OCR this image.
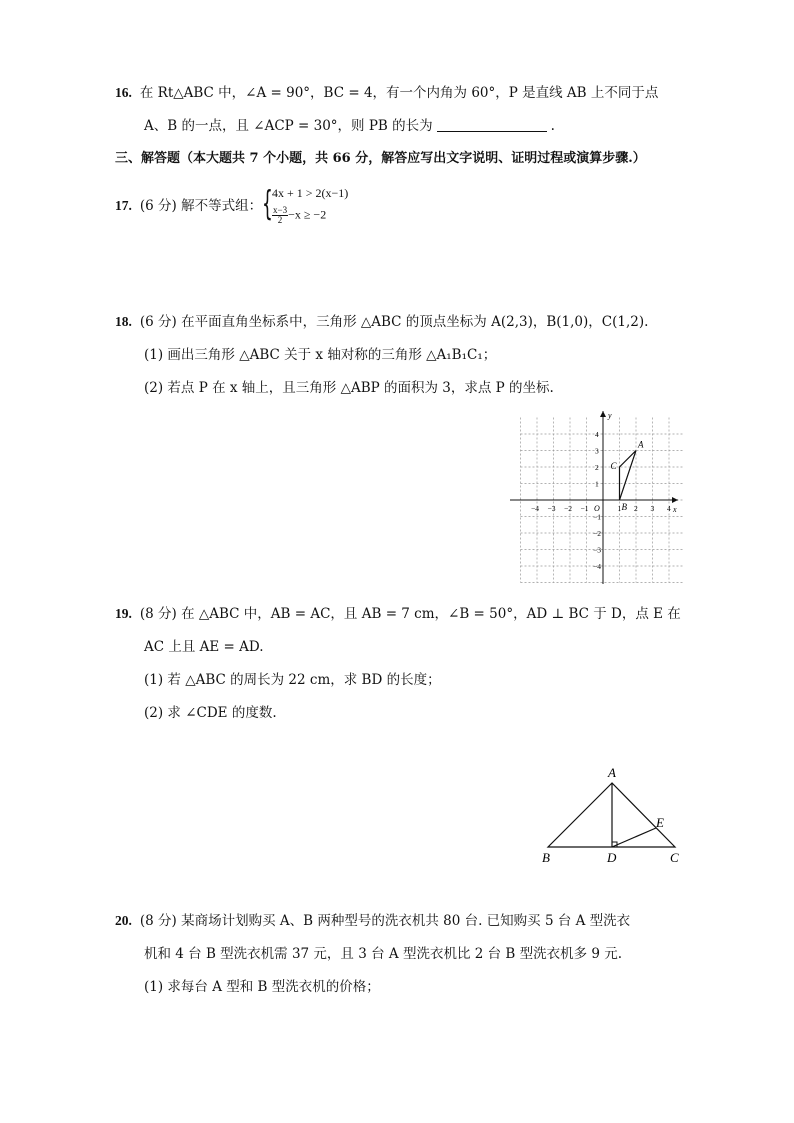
16. 在 Rt△ABC 中，∠A = 90°，BC = 4，有一个内角为 60°，P 是直线 AB 上不同于点
A、B 的一点，且 ∠ACP = 30°，则 PB 的长为	.
三、解答题（本大题共 7 个小题，共 66 分，解答应写出文字说明、证明过程或演算步骤.）
17. (6 分) 解不等式组： { 4x + 1 > 2(x−1)
$\frac{x-3}{2} -x \ge -2$
18. (6 分) 在平面直角坐标系中，三角形 △ABC 的顶点坐标为 A(2,3)，B(1,0)，C(1,2).
(1) 画出三角形 △ABC 关于 x 轴对称的三角形 △A₁B₁C₁；
(2) 若点 P 在 x 轴上，且三角形 △ABP 的面积为 3，求点 P 的坐标.
x
y
O
−4 −3 −2 −1	1 2 3 4
4
3
2
1
−1
−2
−3
−4
A
B
C
19. (8 分) 在 △ABC 中，AB = AC，且 AB = 7 cm，∠B = 50°，AD ⊥ BC 于 D，点 E 在
AC 上且 AE = AD.
(1) 若 △ABC 的周长为 22 cm，求 BD 的长度；
(2) 求 ∠CDE 的度数.
A
B	C
D
E
20. (8 分) 某商场计划购买 A、B 两种型号的洗衣机共 80 台. 已知购买 5 台 A 型洗衣
机和 4 台 B 型洗衣机需 37 元，且 3 台 A 型洗衣机比 2 台 B 型洗衣机多 9 元.
(1) 求每台 A 型和 B 型洗衣机的价格；
